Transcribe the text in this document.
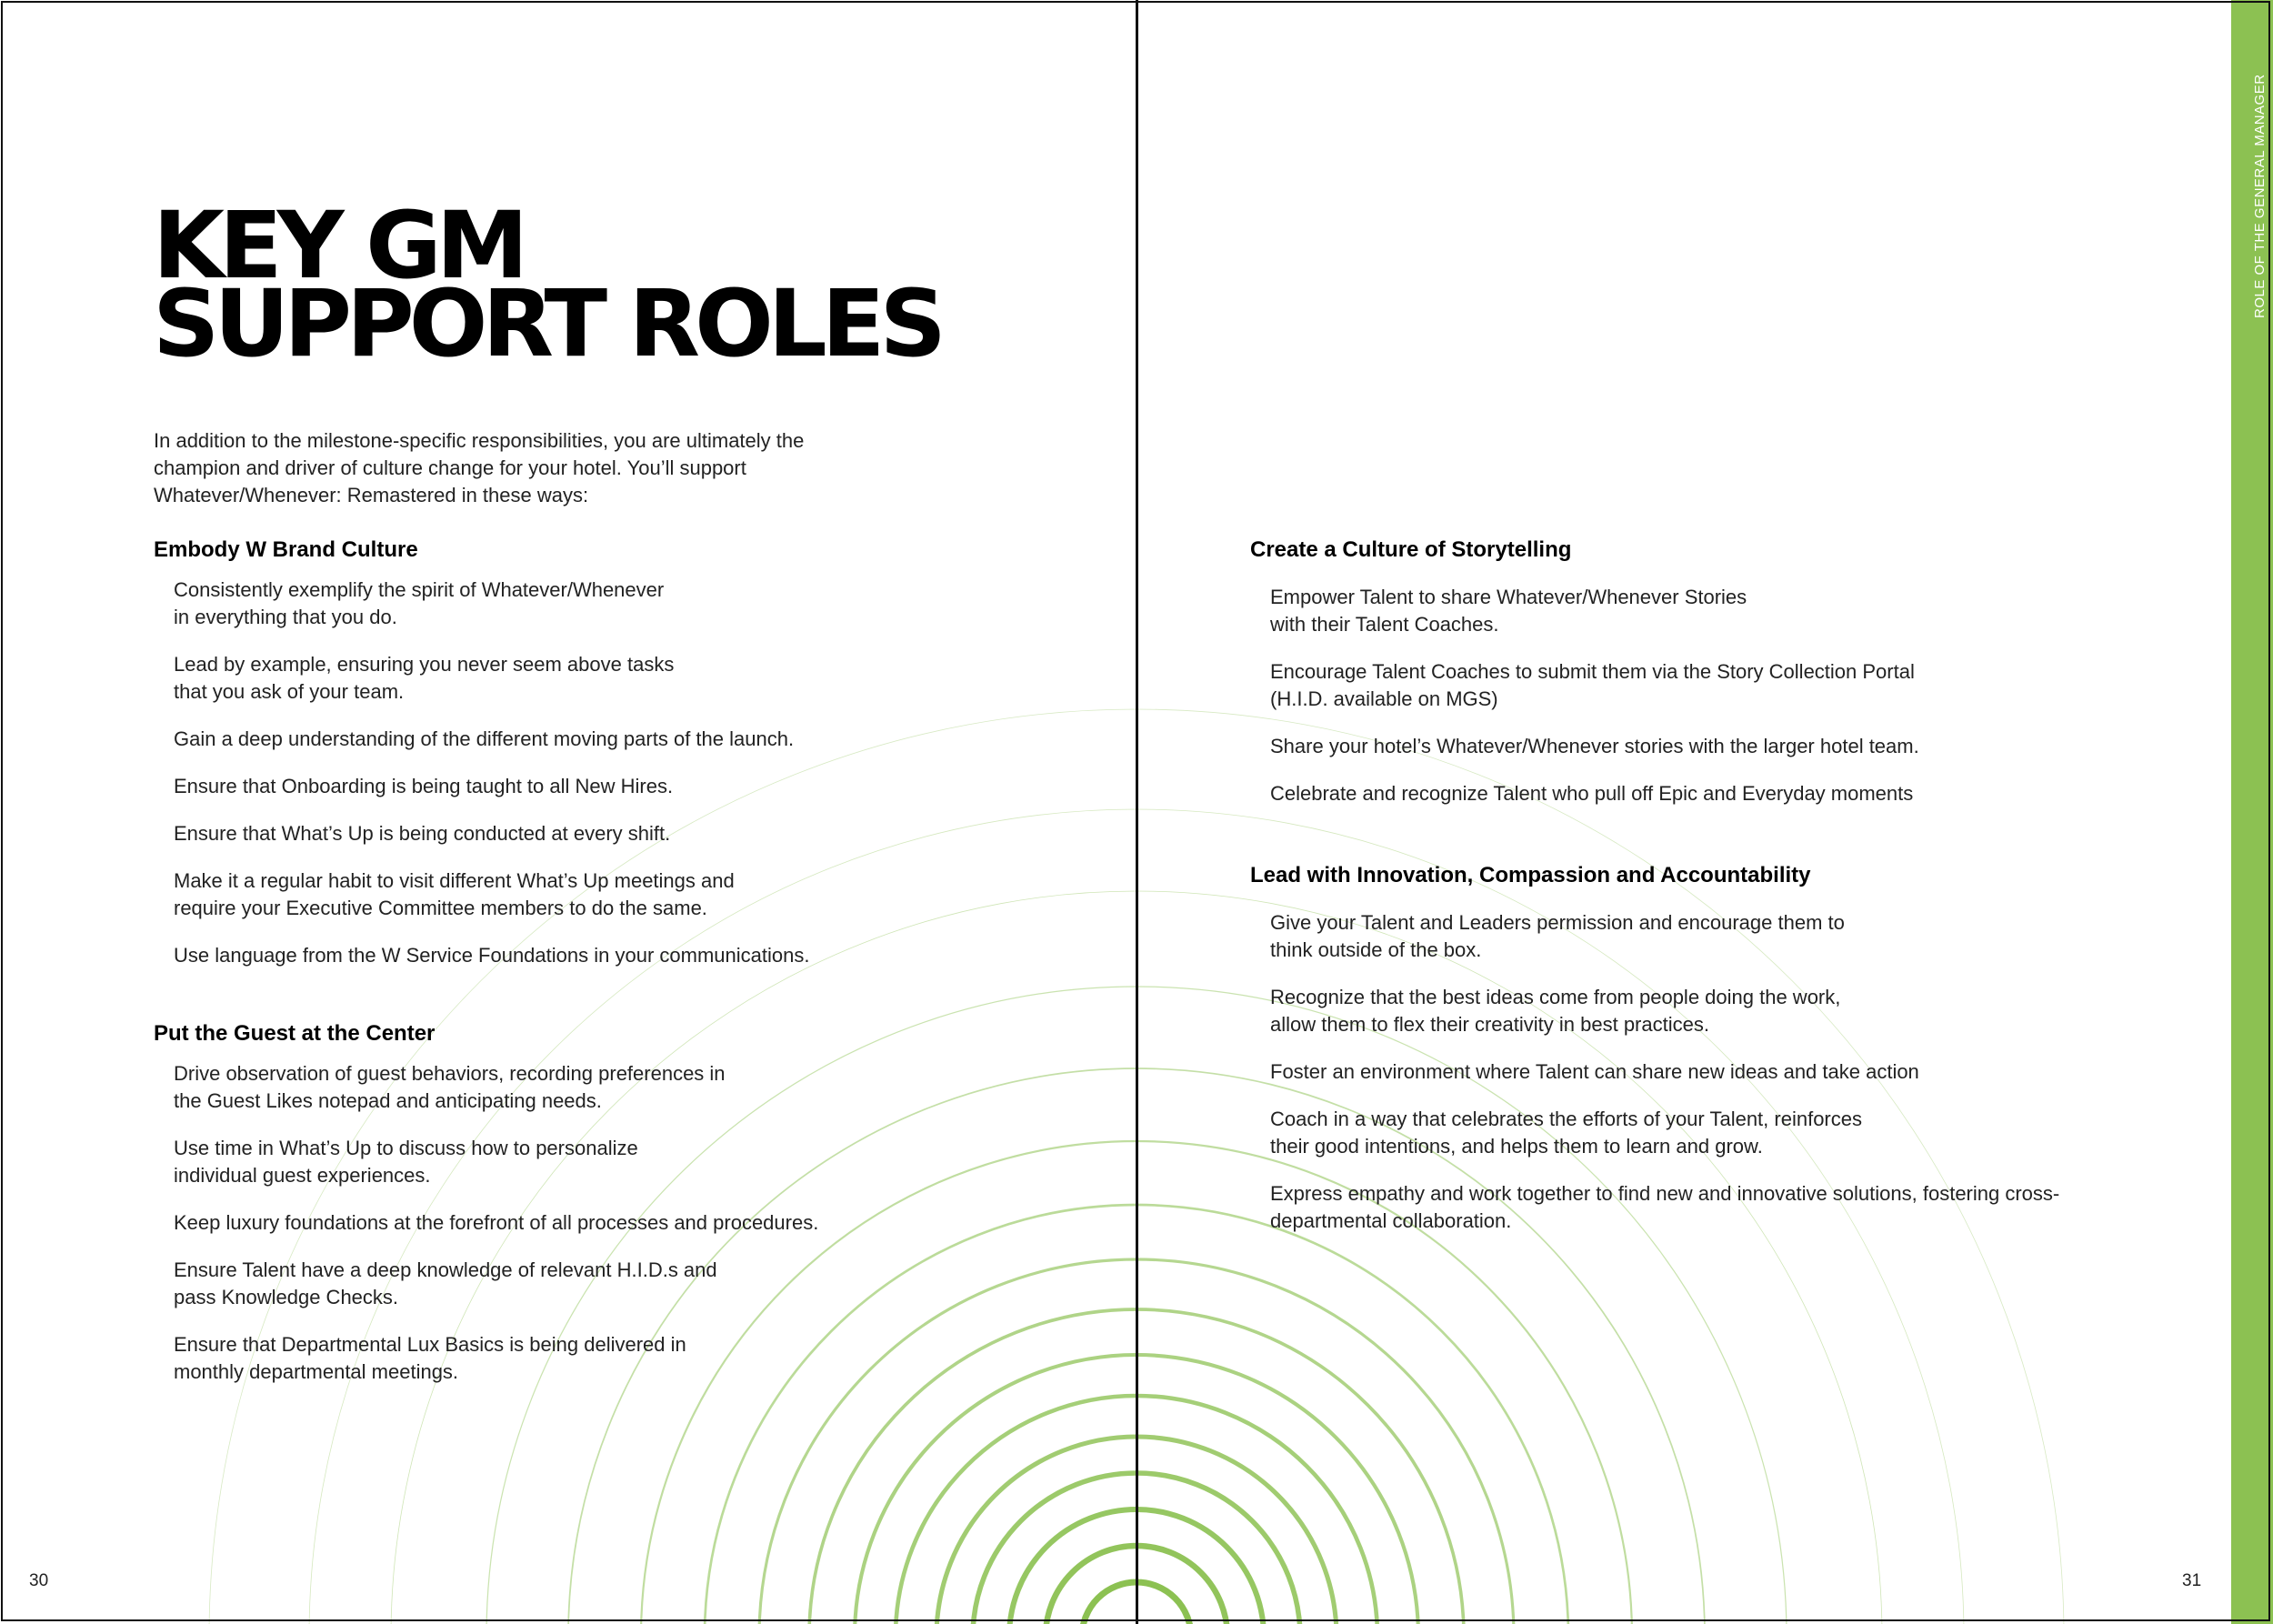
ROLE OF THE GENERAL MANAGER
KEY GM
SUPPORT ROLES

In addition to the milestone-specific responsibilities, you are ultimately the champion and driver of culture change for your hotel. You’ll support Whatever/Whenever: Remastered in these ways:

Embody W Brand Culture
Consistently exemplify the spirit of Whatever/Whenever in everything that you do.
Lead by example, ensuring you never seem above tasks that you ask of your team.
Gain a deep understanding of the different moving parts of the launch.
Ensure that Onboarding is being taught to all New Hires.
Ensure that What’s Up is being conducted at every shift.
Make it a regular habit to visit different What’s Up meetings and require your Executive Committee members to do the same.
Use language from the W Service Foundations in your communications.
Put the Guest at the Center
Drive observation of guest behaviors, recording preferences in the Guest Likes notepad and anticipating needs.
Use time in What’s Up to discuss how to personalize individual guest experiences.
Keep luxury foundations at the forefront of all processes and procedures.
Ensure Talent have a deep knowledge of relevant H.I.D.s and pass Knowledge Checks.
Ensure that Departmental Lux Basics is being delivered in monthly departmental meetings.
Create a Culture of Storytelling
Empower Talent to share Whatever/Whenever Stories with their Talent Coaches.
Encourage Talent Coaches to submit them via the Story Collection Portal (H.I.D. available on MGS)
Share your hotel’s Whatever/Whenever stories with the larger hotel team.
Celebrate and recognize Talent who pull off Epic and Everyday moments
Lead with Innovation, Compassion and Accountability
Give your Talent and Leaders permission and encourage them to think outside of the box.
Recognize that the best ideas come from people doing the work, allow them to flex their creativity in best practices.
Foster an environment where Talent can share new ideas and take action
Coach in a way that celebrates the efforts of your Talent, reinforces their good intentions, and helps them to learn and grow.
Express empathy and work together to find new and innovative solutions, fostering cross-departmental collaboration.
30	31
